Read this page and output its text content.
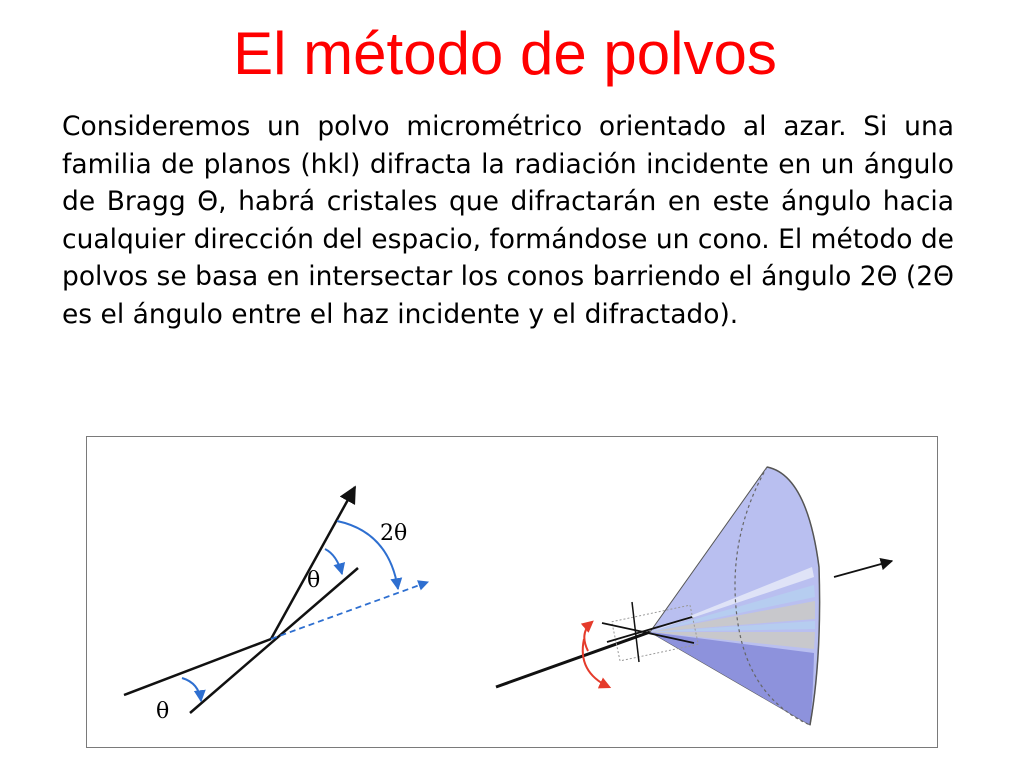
El método de polvos

Consideremos un polvo micrométrico orientado al azar. Si una familia de planos (hkl) difracta la radiación incidente en un ángulo de Bragg Θ, habrá cristales que difractarán en este ángulo hacia cualquier dirección del espacio, formándose un cono. El método de polvos se basa en intersectar los conos barriendo el ángulo 2Θ (2Θ es el ángulo entre el haz incidente y el difractado).

2θ
θ
θ
